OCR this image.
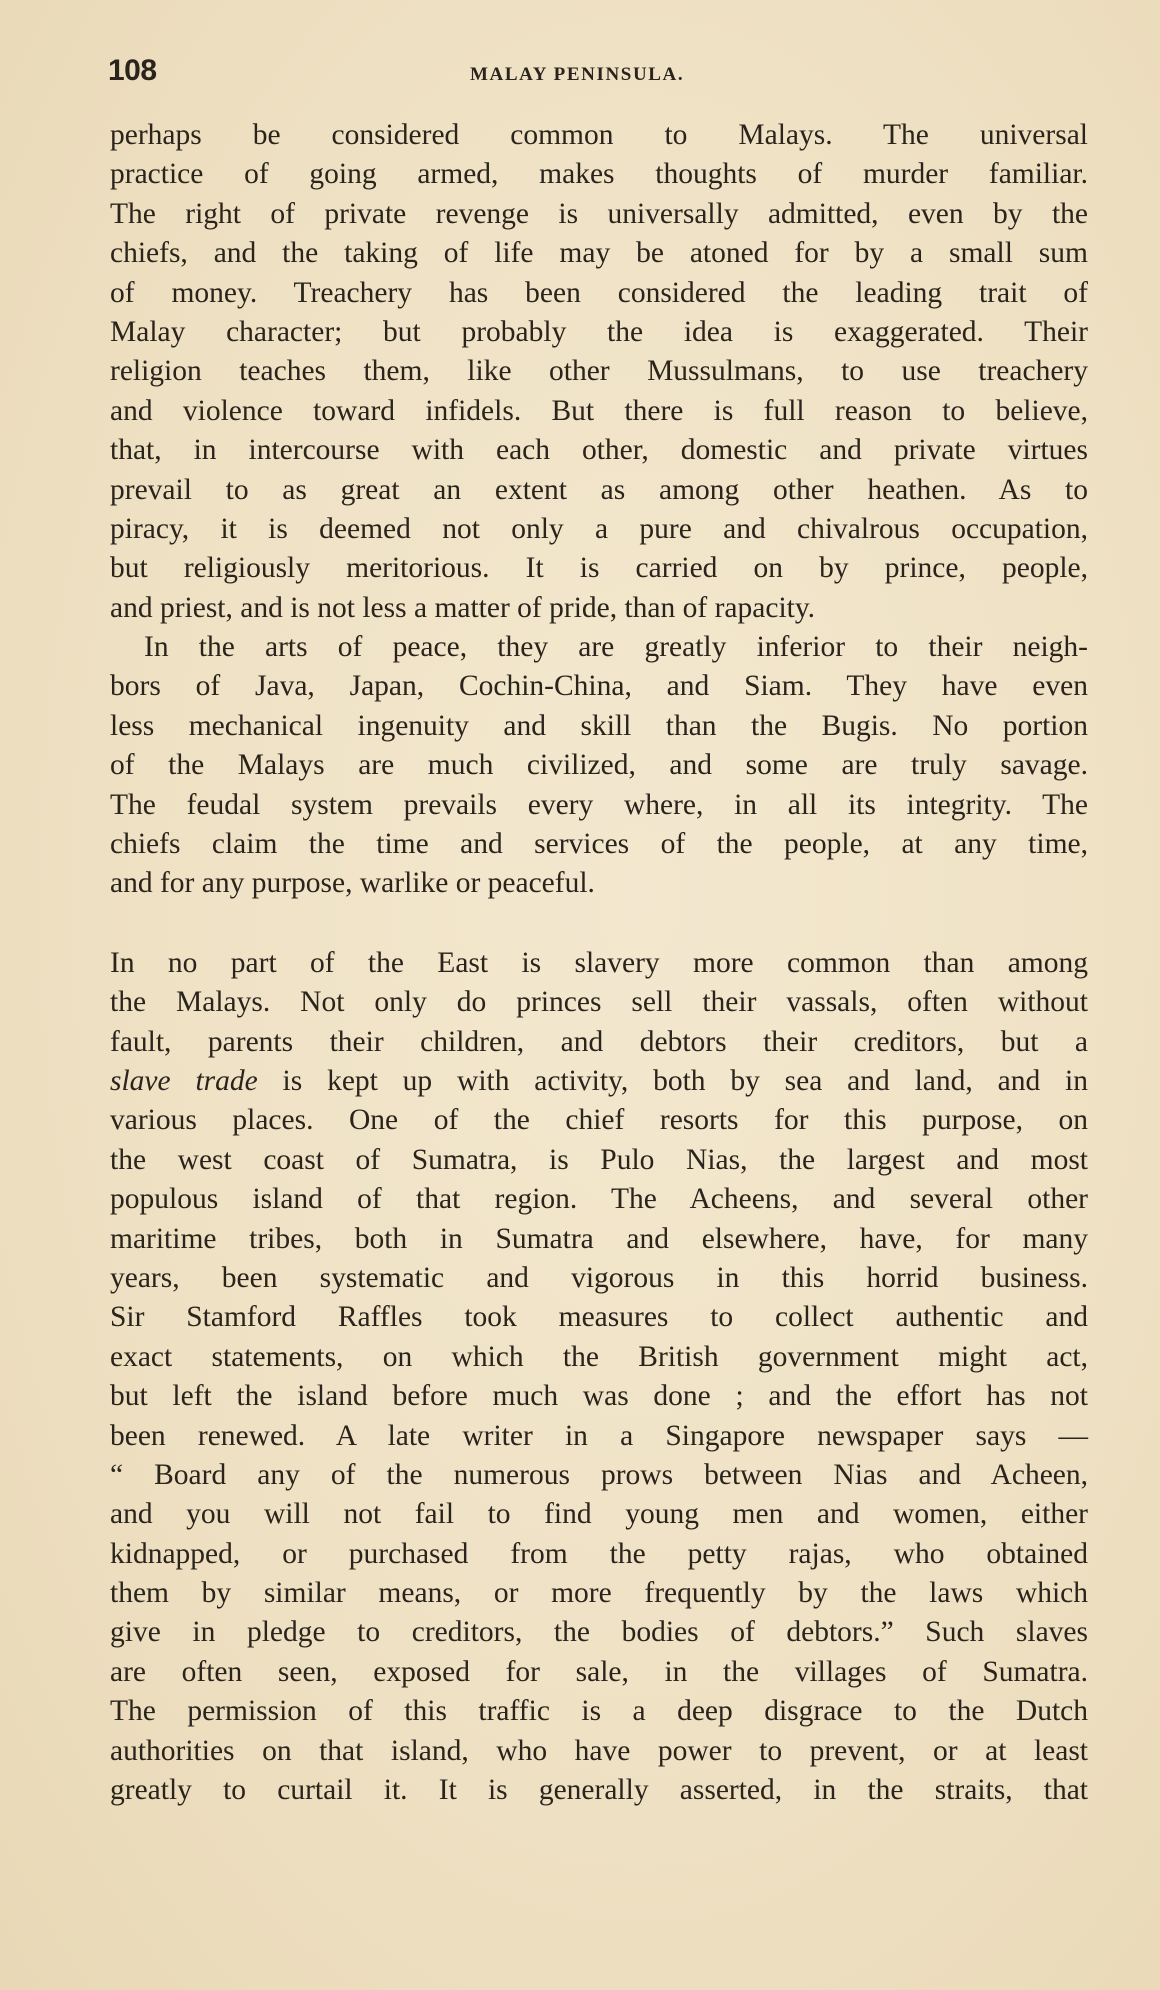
108	MALAY PENINSULA.
perhaps be considered common to Malays. The universal
practice of going armed, makes thoughts of murder familiar.
The right of private revenge is universally admitted, even by the
chiefs, and the taking of life may be atoned for by a small sum
of money. Treachery has been considered the leading trait of
Malay character; but probably the idea is exaggerated. Their
religion teaches them, like other Mussulmans, to use treachery
and violence toward infidels. But there is full reason to believe,
that, in intercourse with each other, domestic and private virtues
prevail to as great an extent as among other heathen. As to
piracy, it is deemed not only a pure and chivalrous occupation,
but religiously meritorious. It is carried on by prince, people,
and priest, and is not less a matter of pride, than of rapacity.
In the arts of peace, they are greatly inferior to their neigh-
bors of Java, Japan, Cochin-China, and Siam. They have even
less mechanical ingenuity and skill than the Bugis. No portion
of the Malays are much civilized, and some are truly savage.
The feudal system prevails every where, in all its integrity. The
chiefs claim the time and services of the people, at any time,
and for any purpose, warlike or peaceful.
In no part of the East is slavery more common than among
the Malays. Not only do princes sell their vassals, often without
fault, parents their children, and debtors their creditors, but a
slave trade is kept up with activity, both by sea and land, and in
various places. One of the chief resorts for this purpose, on
the west coast of Sumatra, is Pulo Nias, the largest and most
populous island of that region. The Acheens, and several other
maritime tribes, both in Sumatra and elsewhere, have, for many
years, been systematic and vigorous in this horrid business.
Sir Stamford Raffles took measures to collect authentic and
exact statements, on which the British government might act,
but left the island before much was done ; and the effort has not
been renewed. A late writer in a Singapore newspaper says —
“ Board any of the numerous prows between Nias and Acheen,
and you will not fail to find young men and women, either
kidnapped, or purchased from the petty rajas, who obtained
them by similar means, or more frequently by the laws which
give in pledge to creditors, the bodies of debtors.” Such slaves
are often seen, exposed for sale, in the villages of Sumatra.
The permission of this traffic is a deep disgrace to the Dutch
authorities on that island, who have power to prevent, or at least
greatly to curtail it. It is generally asserted, in the straits, that
